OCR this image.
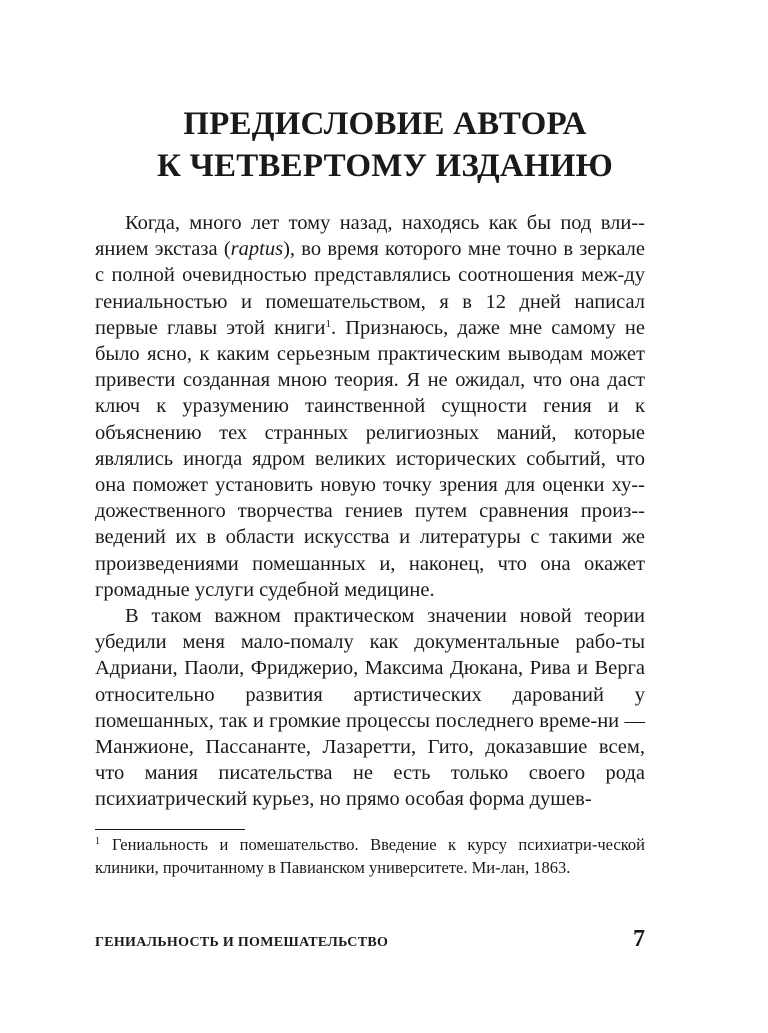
ПРЕДИСЛОВИЕ АВТОРА
К ЧЕТВЕРТОМУ ИЗДАНИЮ

Когда, много лет тому назад, находясь как бы под вли-янием экстаза (raptus), во время которого мне точно в зеркале с полной очевидностью представлялись соотношения меж-ду гениальностью и помешательством, я в 12 дней написал первые главы этой книги$^1$. Признаюсь, даже мне самому не было ясно, к каким серьезным практическим выводам может привести созданная мною теория. Я не ожидал, что она даст ключ к уразумению таинственной сущности гения и к объяснению тех странных религиозных маний, которые являлись иногда ядром великих исторических событий, что она поможет установить новую точку зрения для оценки ху-дожественного творчества гениев путем сравнения произ-ведений их в области искусства и литературы с такими же произведениями помешанных и, наконец, что она окажет громадные услуги судебной медицине.

В таком важном практическом значении новой теории убедили меня мало-помалу как документальные рабо-ты Адриани, Паоли, Фриджерио, Максима Дюкана, Рива и Верга относительно развития артистических дарований у помешанных, так и громкие процессы последнего време-ни — Манжионе, Пассананте, Лазаретти, Гито, доказавшие всем, что мания писательства не есть только своего рода психиатрический курьез, но прямо особая форма душев-

$^1$ Гениальность и помешательство. Введение к курсу психиатри-ческой клиники, прочитанному в Павианском университете. Ми-лан, 1863.
ГЕНИАЛЬНОСТЬ И ПОМЕШАТЕЛЬСТВО	7
